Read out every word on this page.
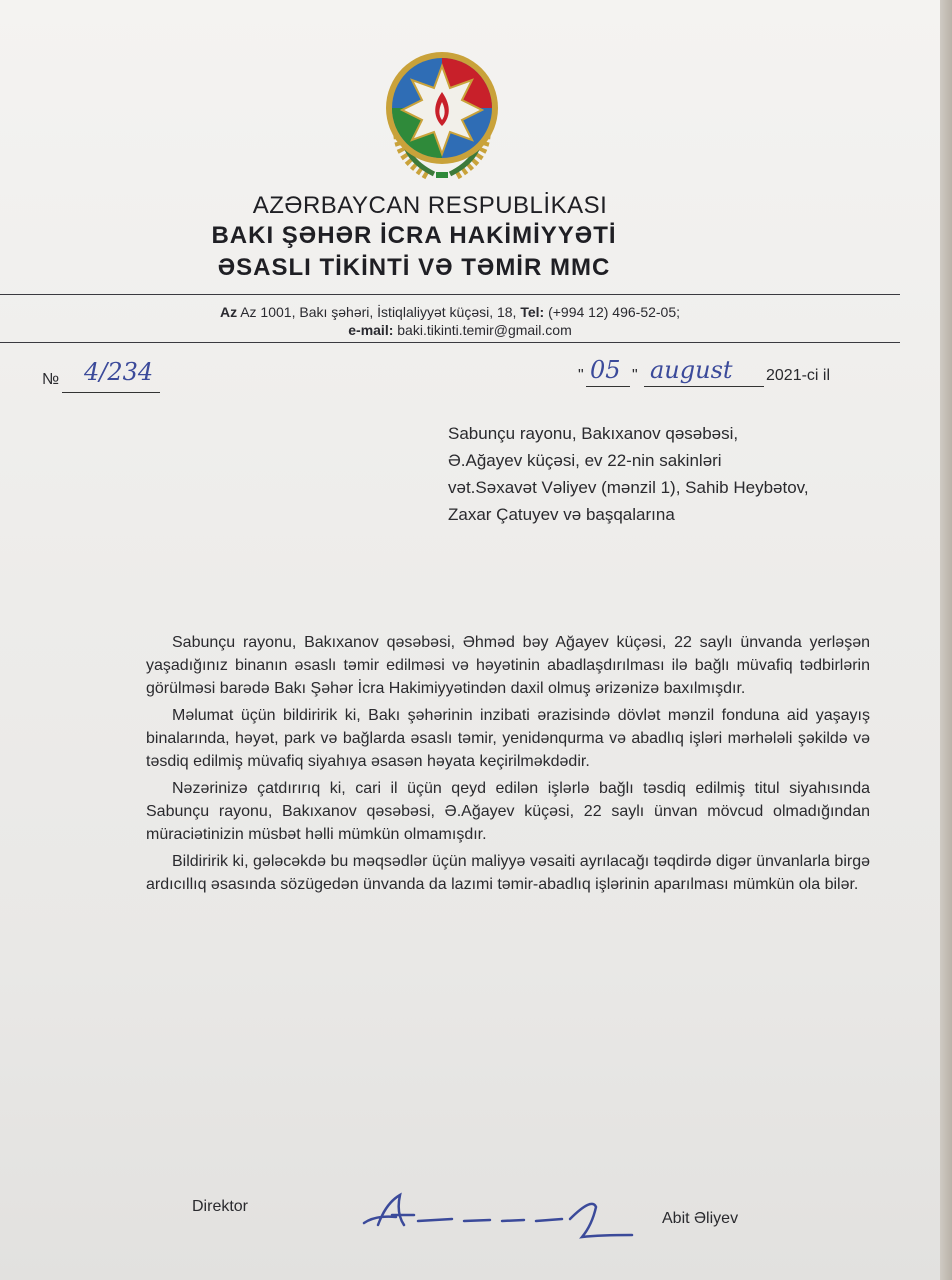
AZƏRBAYCAN RESPUBLİKASI
BAKI ŞƏHƏR İCRA HAKİMİYYƏTİ
ƏSASLI TİKİNTİ VƏ TƏMİR MMC
Az Az 1001, Bakı şəhəri, İstiqlaliyyət küçəsi, 18, Tel: (+994 12) 496-52-05;
e-mail: baki.tikinti.temir@gmail.com
№ 4/234	" 05 " august 2021-ci il
Sabunçu rayonu, Bakıxanov qəsəbəsi,
Ə.Ağayev küçəsi, ev 22-nin sakinləri
vət.Səxavət Vəliyev (mənzil 1), Sahib Heybətov,
Zaxar Çatuyev və başqalarına

Sabunçu rayonu, Bakıxanov qəsəbəsi, Əhməd bəy Ağayev küçəsi, 22 saylı ünvanda yerləşən yaşadığınız binanın əsaslı təmir edilməsi və həyətinin abadlaşdırılması ilə bağlı müvafiq tədbirlərin görülməsi barədə Bakı Şəhər İcra Hakimiyyətindən daxil olmuş ərizənizə baxılmışdır.

Məlumat üçün bildiririk ki, Bakı şəhərinin inzibati ərazisində dövlət mənzil fonduna aid yaşayış binalarında, həyət, park və bağlarda əsaslı təmir, yenidənqurma və abadlıq işləri mərhələli şəkildə və təsdiq edilmiş müvafiq siyahıya əsasən həyata keçirilməkdədir.

Nəzərinizə çatdırırıq ki, cari il üçün qeyd edilən işlərlə bağlı təsdiq edilmiş titul siyahısında Sabunçu rayonu, Bakıxanov qəsəbəsi, Ə.Ağayev küçəsi, 22 saylı ünvan mövcud olmadığından müraciətinizin müsbət həlli mümkün olmamışdır.

Bildiririk ki, gələcəkdə bu məqsədlər üçün maliyyə vəsaiti ayrılacağı təqdirdə digər ünvanlarla birgə ardıcıllıq əsasında sözügedən ünvanda da lazımi təmir-abadlıq işlərinin aparılması mümkün ola bilər.

Direktor
Abit Əliyev
